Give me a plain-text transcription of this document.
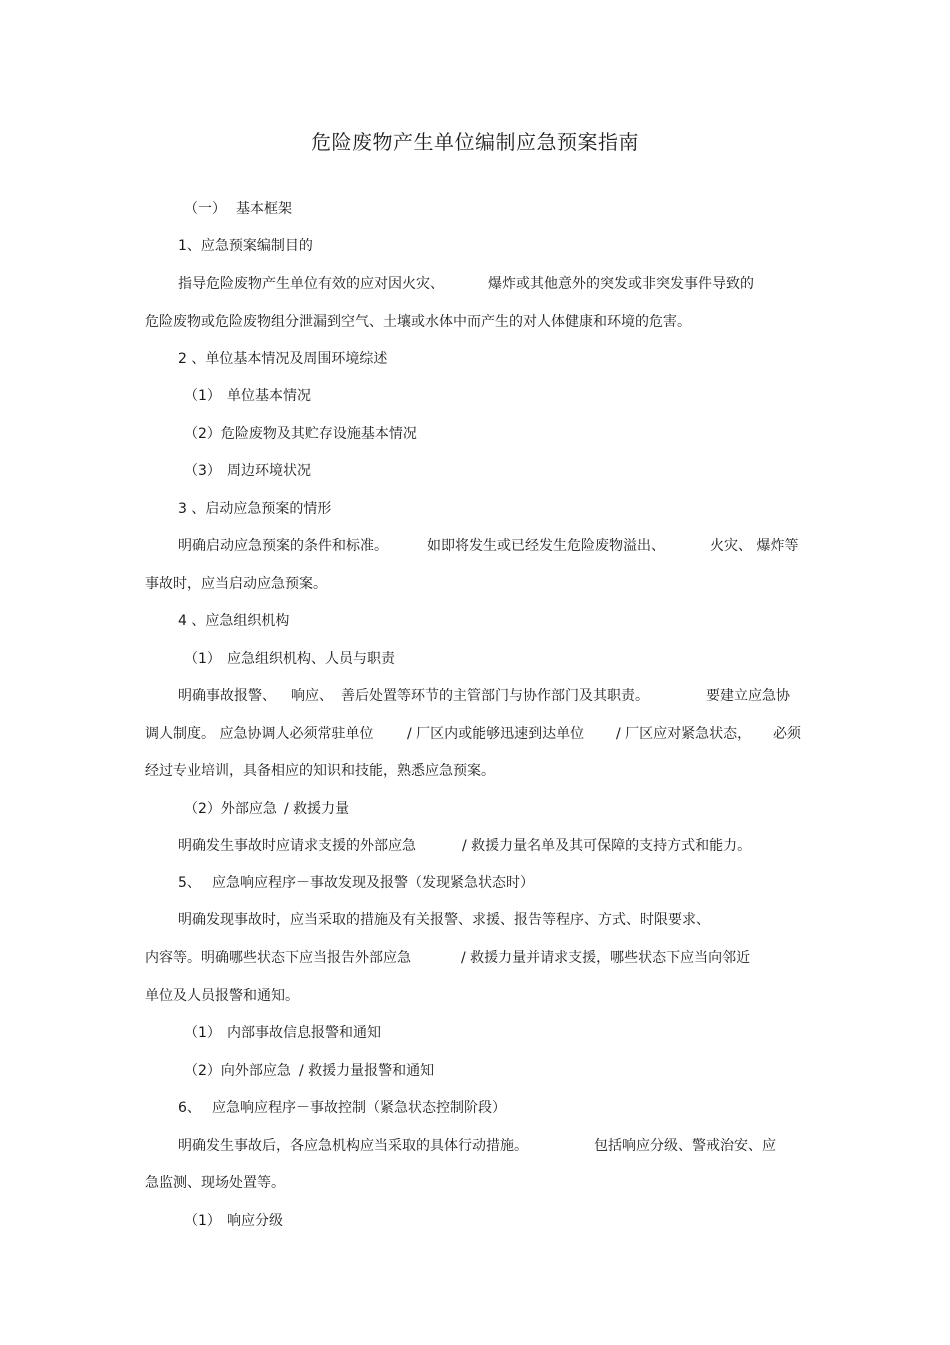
危险废物产生单位编制应急预案指南
（一） 基本框架
1、应急预案编制目的
指导危险废物产生单位有效的应对因火灾、	爆炸或其他意外的突发或非突发事件导致的
危险废物或危险废物组分泄漏到空气、土壤或水体中而产生的对人体健康和环境的危害。
2 、单位基本情况及周围环境综述
（1） 单位基本情况
（2）危险废物及其贮存设施基本情况
（3） 周边环境状况
3 、启动应急预案的情形
明确启动应急预案的条件和标准。	如即将发生或已经发生危险废物溢出、	火灾、 爆炸等
事故时，应当启动应急预案。
4 、应急组织机构
（1） 应急组织机构、人员与职责
明确事故报警、 响应、 善后处置等环节的主管部门与协作部门及其职责。	要建立应急协
调人制度。 应急协调人必须常驻单位 / 厂区内或能够迅速到达单位 / 厂区应对紧急状态， 必须
经过专业培训，具备相应的知识和技能，熟悉应急预案。
（2）外部应急 / 救援力量
明确发生事故时应请求支援的外部应急	/ 救援力量名单及其可保障的支持方式和能力。
5、 应急响应程序－事故发现及报警（发现紧急状态时）
明确发现事故时，应当采取的措施及有关报警、求援、报告等程序、方式、时限要求、
内容等。明确哪些状态下应当报告外部应急	/ 救援力量并请求支援，哪些状态下应当向邻近
单位及人员报警和通知。
（1） 内部事故信息报警和通知
（2）向外部应急 / 救援力量报警和通知
6、 应急响应程序－事故控制（紧急状态控制阶段）
明确发生事故后，各应急机构应当采取的具体行动措施。	包括响应分级、警戒治安、应
急监测、现场处置等。
（1） 响应分级
